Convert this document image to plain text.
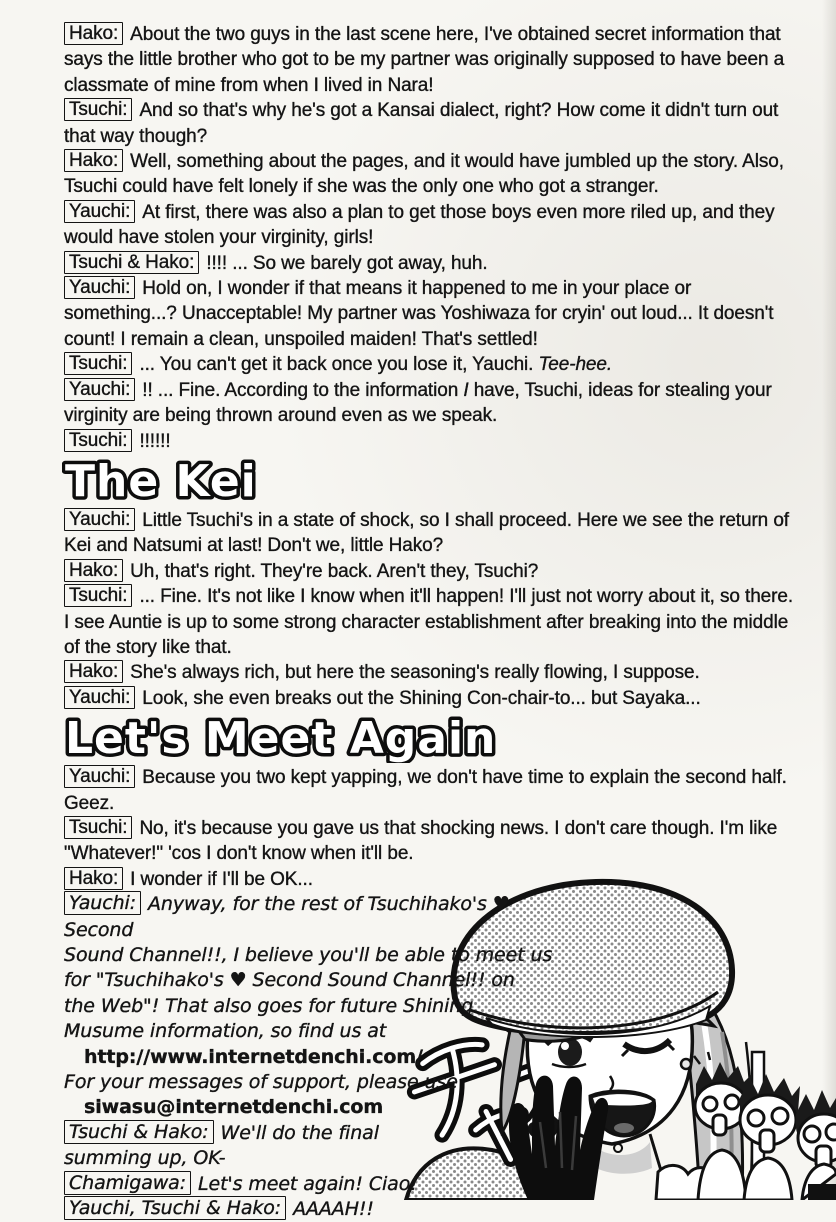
Hako: About the two guys in the last scene here, I've obtained secret information that says the little brother who got to be my partner was originally supposed to have been a classmate of mine from when I lived in Nara!

Tsuchi: And so that's why he's got a Kansai dialect, right? How come it didn't turn out that way though?

Hako: Well, something about the pages, and it would have jumbled up the story. Also, Tsuchi could have felt lonely if she was the only one who got a stranger.

Yauchi: At first, there was also a plan to get those boys even more riled up, and they would have stolen your virginity, girls!

Tsuchi & Hako: !!!! ... So we barely got away, huh.

Yauchi: Hold on, I wonder if that means it happened to me in your place or something...? Unacceptable! My partner was Yoshiwaza for cryin' out loud... It doesn't count! I remain a clean, unspoiled maiden! That's settled!

Tsuchi: ... You can't get it back once you lose it, Yauchi. Tee-hee.

Yauchi: !! ... Fine. According to the information I have, Tsuchi, ideas for stealing your virginity are being thrown around even as we speak.

Tsuchi: !!!!!!

The Kei

Yauchi: Little Tsuchi's in a state of shock, so I shall proceed. Here we see the return of Kei and Natsumi at last! Don't we, little Hako?

Hako: Uh, that's right. They're back. Aren't they, Tsuchi?

Tsuchi: ... Fine. It's not like I know when it'll happen! I'll just not worry about it, so there. I see Auntie is up to some strong character establishment after breaking into the middle of the story like that.

Hako: She's always rich, but here the seasoning's really flowing, I suppose.

Yauchi: Look, she even breaks out the Shining Con-chair-to... but Sayaka...

Let's Meet Again

Yauchi: Because you two kept yapping, we don't have time to explain the second half. Geez.

Tsuchi: No, it's because you gave us that shocking news. I don't care though. I'm like "Whatever!" 'cos I don't know when it'll be.

Hako: I wonder if I'll be OK...

Yauchi: Anyway, for the rest of Tsuchihako's ♥ Second
Sound Channel!!, I believe you'll be able to meet us
for "Tsuchihako's ♥ Second Sound Channel!! on
the Web"! That also goes for future Shining
Musume information, so find us at

http://www.internetdenchi.com/

For your messages of support, please use

siwasu@internetdenchi.com

Tsuchi & Hako: We'll do the final
summing up, OK-

Chamigawa: Let's meet again! Ciao!

Yauchi, Tsuchi & Hako: AAAAH!!
